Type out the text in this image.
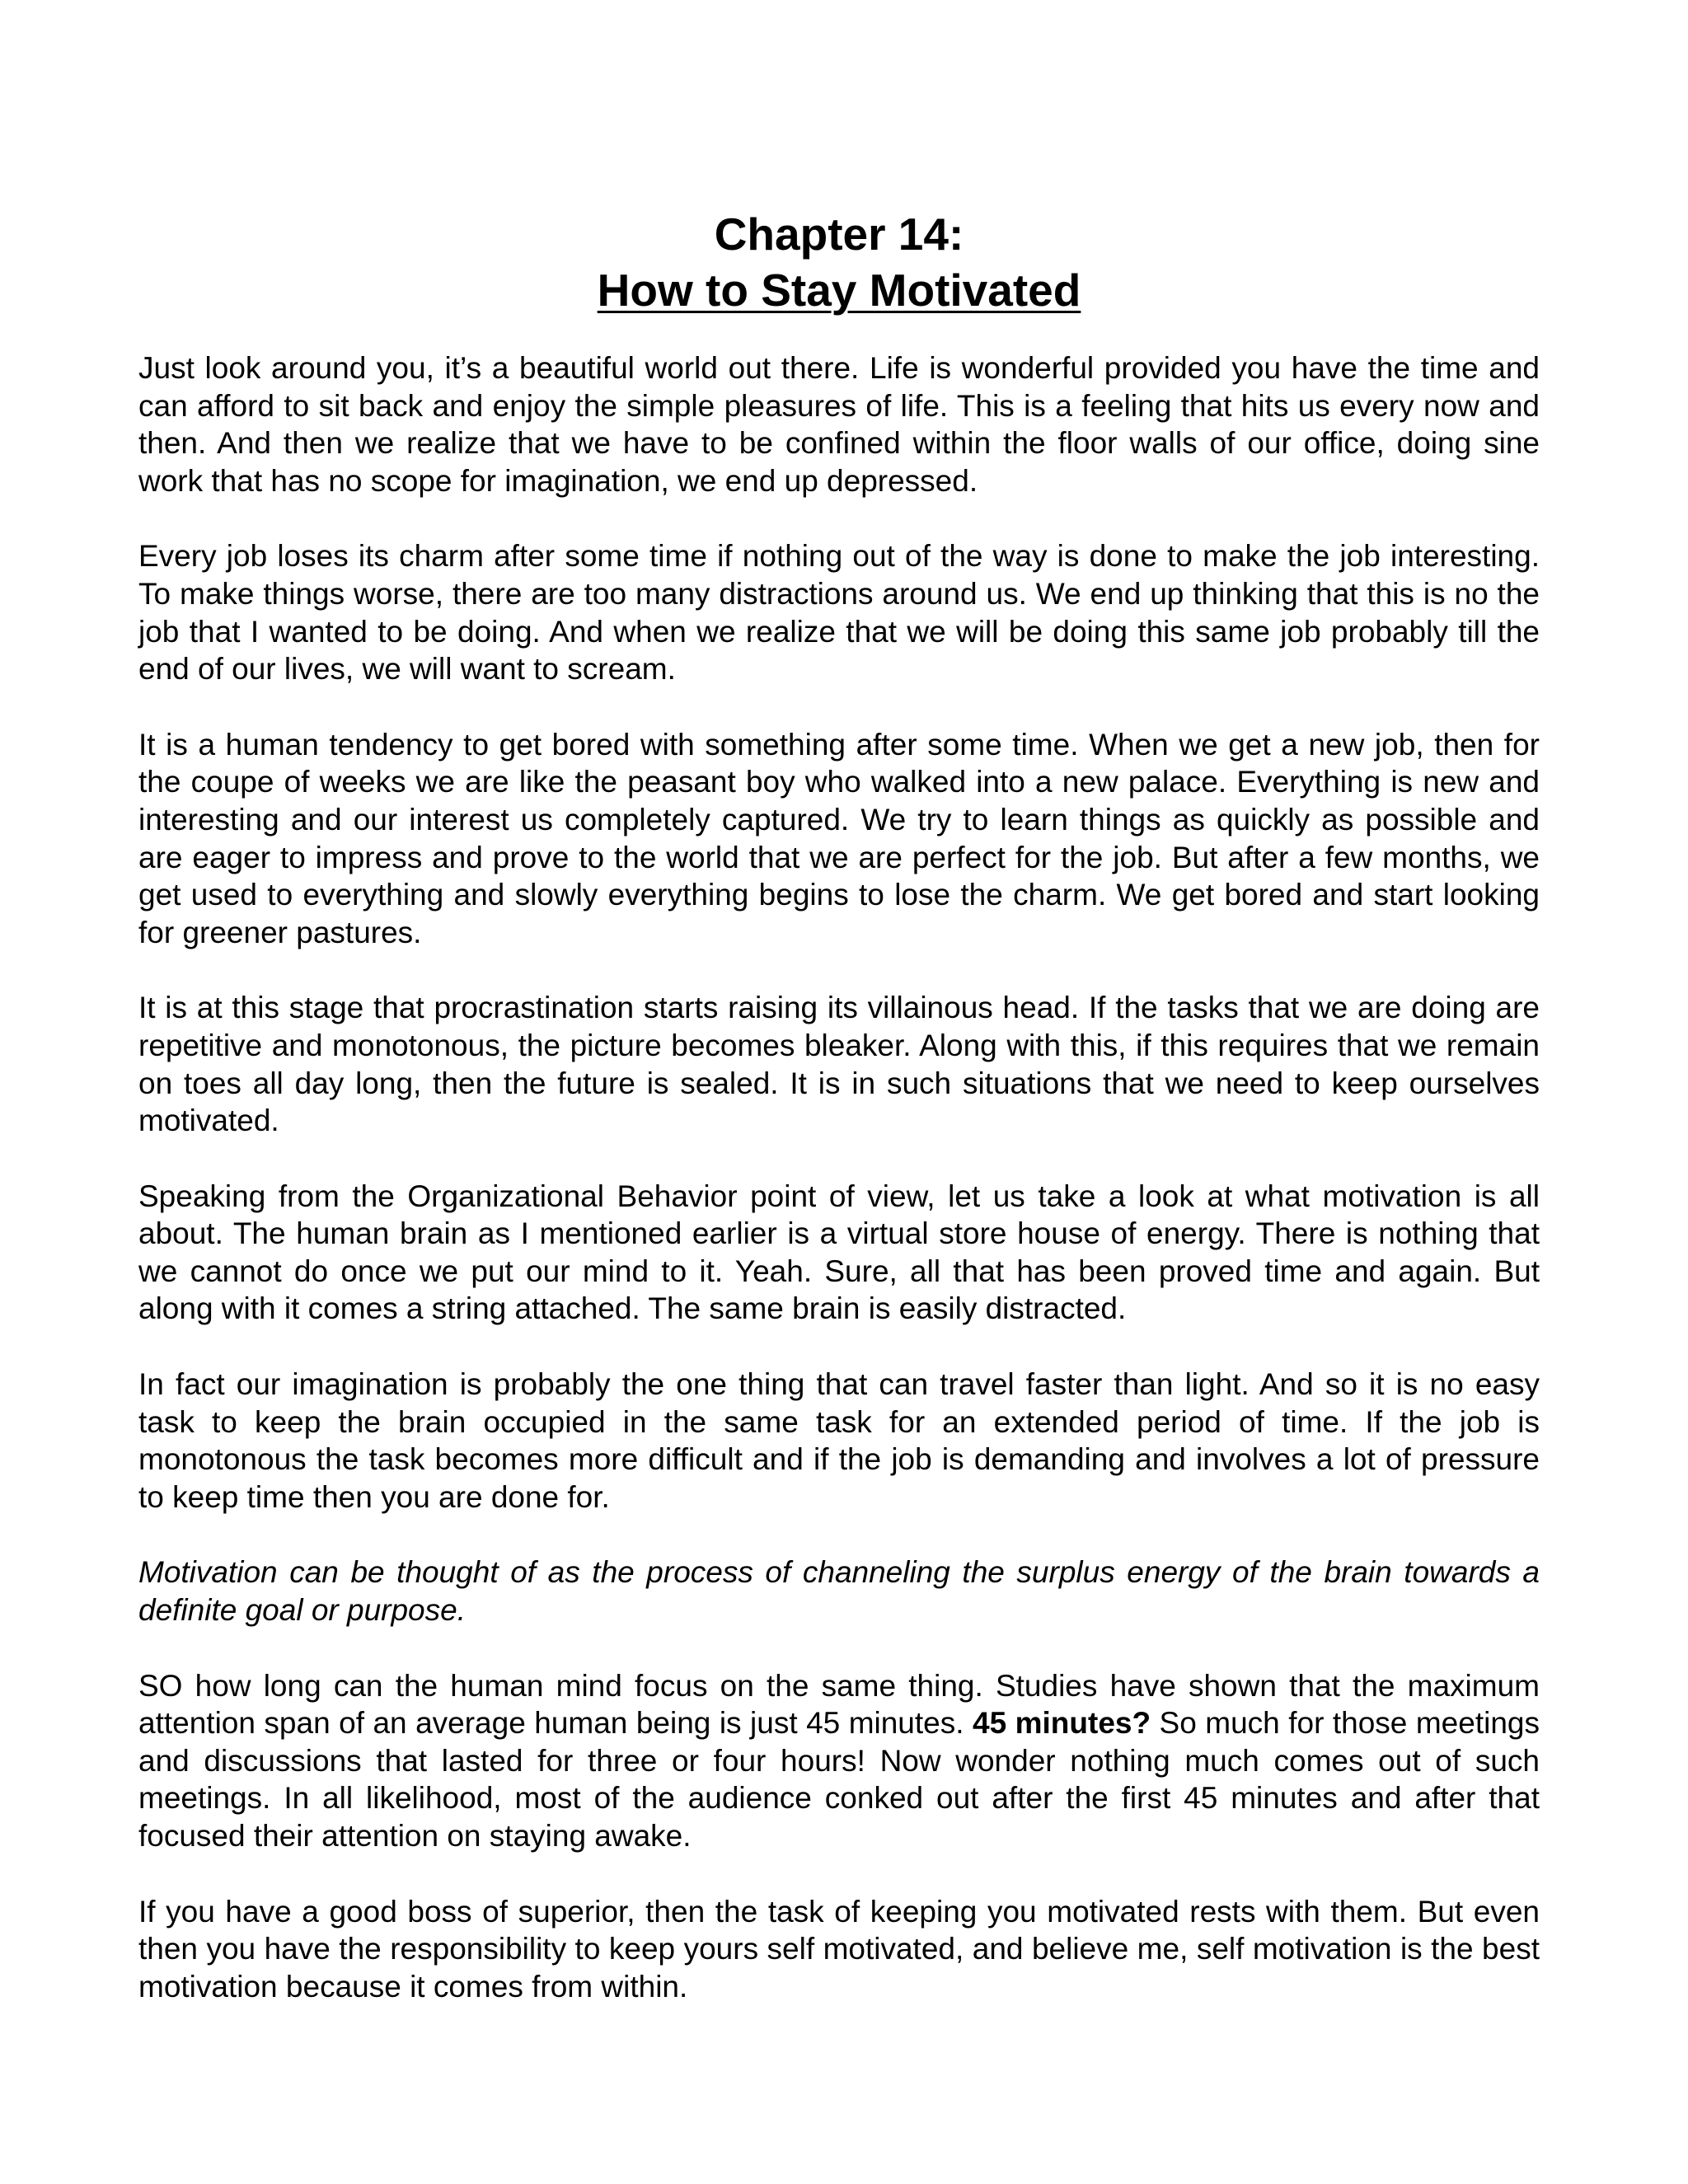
Chapter 14:
How to Stay Motivated

Just look around you, it’s a beautiful world out there. Life is wonderful provided you have the time and can afford to sit back and enjoy the simple pleasures of life. This is a feeling that hits us every now and then. And then we realize that we have to be confined within the floor walls of our office, doing sine work that has no scope for imagination, we end up depressed.

Every job loses its charm after some time if nothing out of the way is done to make the job interesting. To make things worse, there are too many distractions around us. We end up thinking that this is no the job that I wanted to be doing. And when we realize that we will be doing this same job probably till the end of our lives, we will want to scream.

It is a human tendency to get bored with something after some time. When we get a new job, then for the coupe of weeks we are like the peasant boy who walked into a new palace. Everything is new and interesting and our interest us completely captured. We try to learn things as quickly as possible and are eager to impress and prove to the world that we are perfect for the job. But after a few months, we get used to everything and slowly everything begins to lose the charm. We get bored and start looking for greener pastures.

It is at this stage that procrastination starts raising its villainous head. If the tasks that we are doing are repetitive and monotonous, the picture becomes bleaker. Along with this, if this requires that we remain on toes all day long, then the future is sealed. It is in such situations that we need to keep ourselves motivated.

Speaking from the Organizational Behavior point of view, let us take a look at what motivation is all about. The human brain as I mentioned earlier is a virtual store house of energy. There is nothing that we cannot do once we put our mind to it. Yeah. Sure, all that has been proved time and again. But along with it comes a string attached. The same brain is easily distracted.

In fact our imagination is probably the one thing that can travel faster than light. And so it is no easy task to keep the brain occupied in the same task for an extended period of time. If the job is monotonous the task becomes more difficult and if the job is demanding and involves a lot of pressure to keep time then you are done for.

Motivation can be thought of as the process of channeling the surplus energy of the brain towards a definite goal or purpose.

SO how long can the human mind focus on the same thing. Studies have shown that the maximum attention span of an average human being is just 45 minutes. 45 minutes? So much for those meetings and discussions that lasted for three or four hours! Now wonder nothing much comes out of such meetings. In all likelihood, most of the audience conked out after the first 45 minutes and after that focused their attention on staying awake.

If you have a good boss of superior, then the task of keeping you motivated rests with them. But even then you have the responsibility to keep yours self motivated, and believe me, self motivation is the best motivation because it comes from within.
